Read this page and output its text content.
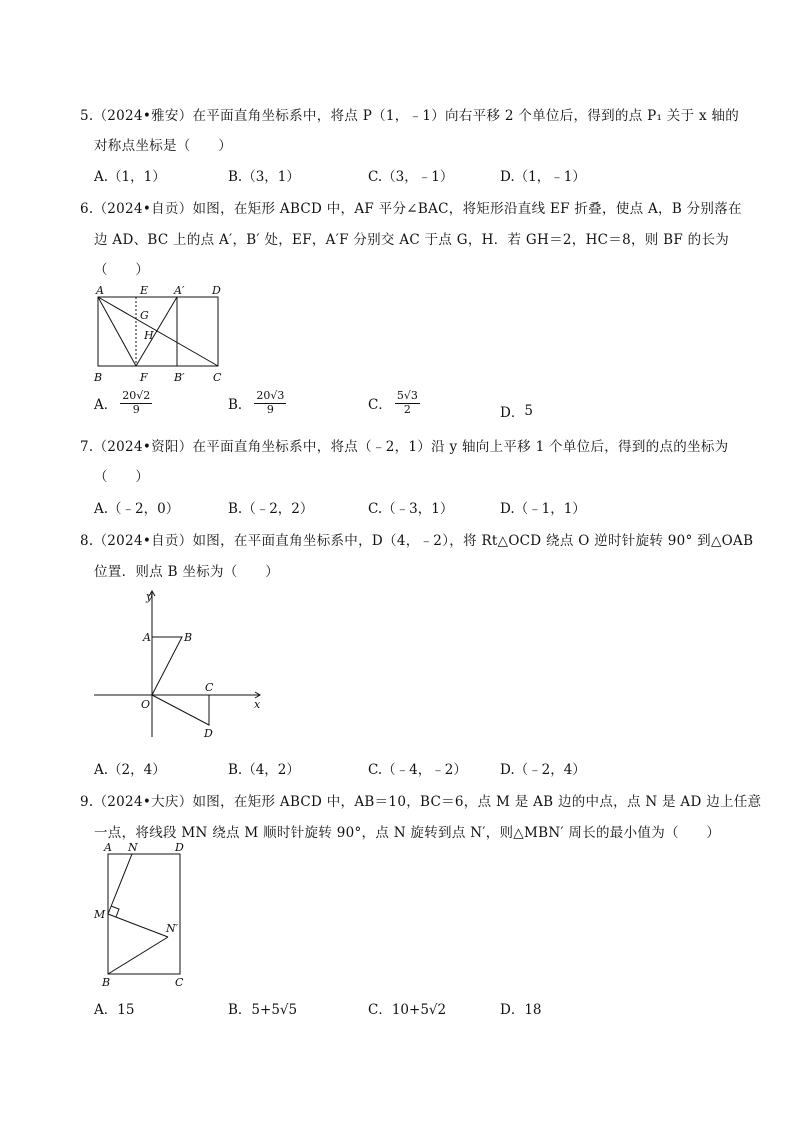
5.（2024•雅安）在平面直角坐标系中，将点 P（1，﹣1）向右平移 2 个单位后，得到的点 P₁ 关于 x 轴的
对称点坐标是（　　）
A.（1，1）	B.（3，1）	C.（3，﹣1）	D.（1，﹣1）
6.（2024•自贡）如图，在矩形 ABCD 中，AF 平分∠BAC，将矩形沿直线 EF 折叠，使点 A，B 分别落在
边 AD、BC 上的点 A′，B′ 处，EF，A′F 分别交 AC 于点 G，H．若 GH＝2，HC＝8，则 BF 的长为
（　　）
A	E A′	D
G
H
B	F B′	C
A． $\frac{20√2}{9}$	B． $\frac{20√3}{9}$	C． $\frac{5√3}{2}$	D． 5
7.（2024•资阳）在平面直角坐标系中，将点（﹣2，1）沿 y 轴向上平移 1 个单位后，得到的点的坐标为
（　　）
A.（﹣2，0）	B.（﹣2，2）	C.（﹣3，1）	D.（﹣1，1）
8.（2024•自贡）如图，在平面直角坐标系中，D（4，﹣2），将 Rt△OCD 绕点 O 逆时针旋转 90° 到△OAB
位置．则点 B 坐标为（　　）
y
A	B
C
O	x
D
A.（2，4）	B.（4，2）	C.（﹣4，﹣2） D.（﹣2，4）
9.（2024•大庆）如图，在矩形 ABCD 中，AB＝10，BC＝6，点 M 是 AB 边的中点，点 N 是 AD 边上任意
一点，将线段 MN 绕点 M 顺时针旋转 90°，点 N 旋转到点 N′，则△MBN′ 周长的最小值为（　　）
A N	D
M
N′
B	C
A．15	B．5+5√5	C．10+5√2	D．18
